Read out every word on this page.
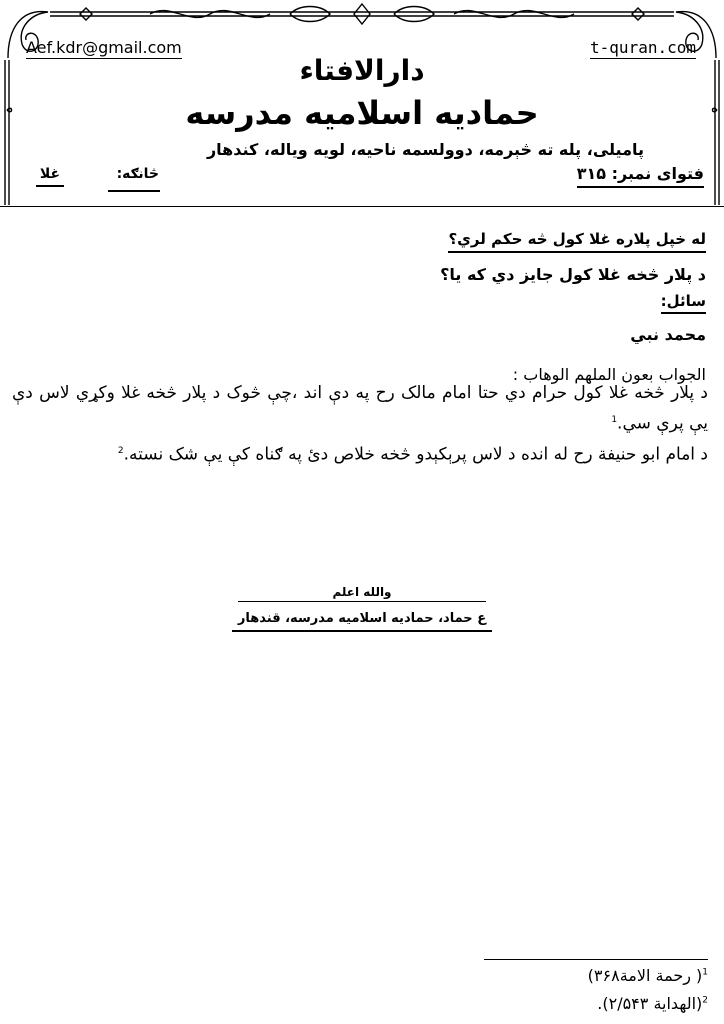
Aef.kdr@gmail.com	t-quran.com
دارالافتاء
حمادیه اسلامیه مدرسه
پامیلی، پله ته څېرمه، دوولسمه ناحیه، لویه ویاله، کندهار
فتوای نمبر: ۳۱۵
څانګه:
غلا
له خپل پلاره غلا کول څه حکم لري؟
د پلار څخه غلا کول جایز دي که یا؟
سائل:
محمد نبي
الجواب بعون الملهم الوهاب :

د پلار څخه غلا کول حرام دي حتا امام مالک رح په دې اند ،چې څوک د پلار څخه غلا وکړي لاس دې يې پرې سي.$^1$

د امام ابو حنيفة رح له انده د لاس پرېکېدو څخه خلاص دئ په ګناه کې يې شک نسته.$^2$

والله اعلم
ع حماد، حمادیه اسلامیه مدرسه، قندهار
$^1$( رحمة الامة۳۶۸)
$^2$(الهداية ۲/۵۴۳).
